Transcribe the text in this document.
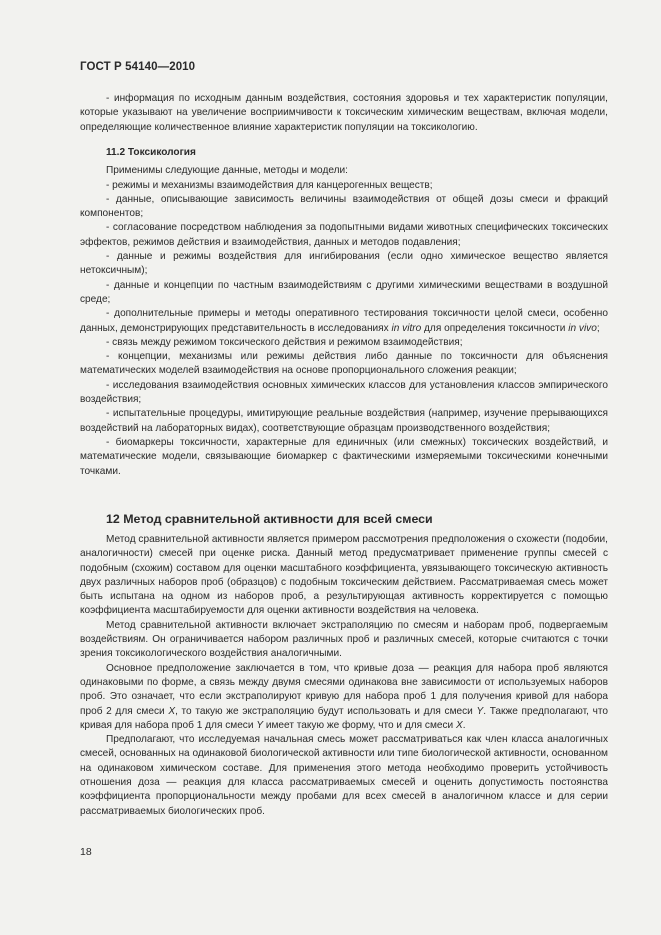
ГОСТ Р 54140—2010

- информация по исходным данным воздействия, состояния здоровья и тех характеристик популяции, которые указывают на увеличение восприимчивости к токсическим химическим веществам, включая модели, определяющие количественное влияние характеристик популяции на токсикологию.

11.2 Токсикология

Применимы следующие данные, методы и модели:

- режимы и механизмы взаимодействия для канцерогенных веществ;

- данные, описывающие зависимость величины взаимодействия от общей дозы смеси и фракций компонентов;

- согласование посредством наблюдения за подопытными видами животных специфических токсических эффектов, режимов действия и взаимодействия, данных и методов подавления;

- данные и режимы воздействия для ингибирования (если одно химическое вещество является нетоксичным);

- данные и концепции по частным взаимодействиям с другими химическими веществами в воздушной среде;

- дополнительные примеры и методы оперативного тестирования токсичности целой смеси, особенно данных, демонстрирующих представительность в исследованиях in vitro для определения токсичности in vivo;

- связь между режимом токсического действия и режимом взаимодействия;

- концепции, механизмы или режимы действия либо данные по токсичности для объяснения математических моделей взаимодействия на основе пропорционального сложения реакции;

- исследования взаимодействия основных химических классов для установления классов эмпирического воздействия;

- испытательные процедуры, имитирующие реальные воздействия (например, изучение прерывающихся воздействий на лабораторных видах), соответствующие образцам производственного воздействия;

- биомаркеры токсичности, характерные для единичных (или смежных) токсических воздействий, и математические модели, связывающие биомаркер с фактическими измеряемыми токсическими конечными точками.

12 Метод сравнительной активности для всей смеси

Метод сравнительной активности является примером рассмотрения предположения о схожести (подобии, аналогичности) смесей при оценке риска. Данный метод предусматривает применение группы смесей с подобным (схожим) составом для оценки масштабного коэффициента, увязывающего токсическую активность двух различных наборов проб (образцов) с подобным токсическим действием. Рассматриваемая смесь может быть испытана на одном из наборов проб, а результирующая активность корректируется с помощью коэффициента масштабируемости для оценки активности воздействия на человека.

Метод сравнительной активности включает экстраполяцию по смесям и наборам проб, подвергаемым воздействиям. Он ограничивается набором различных проб и различных смесей, которые считаются с точки зрения токсикологического воздействия аналогичными.

Основное предположение заключается в том, что кривые доза — реакция для набора проб являются одинаковыми по форме, а связь между двумя смесями одинакова вне зависимости от используемых наборов проб. Это означает, что если экстраполируют кривую для набора проб 1 для получения кривой для набора проб 2 для смеси X, то такую же экстраполяцию будут использовать и для смеси Y. Также предполагают, что кривая для набора проб 1 для смеси Y имеет такую же форму, что и для смеси X.

Предполагают, что исследуемая начальная смесь может рассматриваться как член класса аналогичных смесей, основанных на одинаковой биологической активности или типе биологической активности, основанном на одинаковом химическом составе. Для применения этого метода необходимо проверить устойчивость отношения доза — реакция для класса рассматриваемых смесей и оценить допустимость постоянства коэффициента пропорциональности между пробами для всех смесей в аналогичном классе и для серии рассматриваемых биологических проб.

18
